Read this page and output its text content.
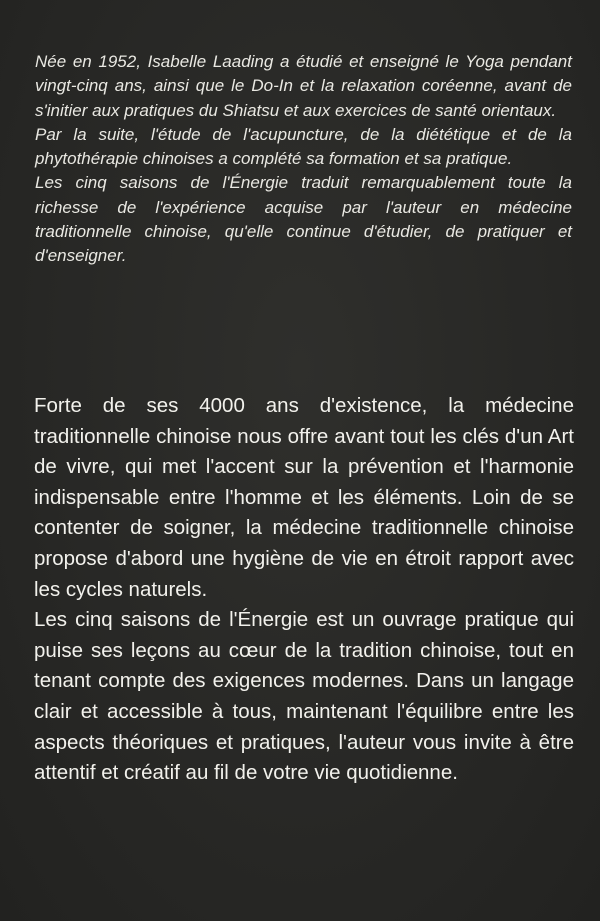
Née en 1952, Isabelle Laading a étudié et enseigné le Yoga pendant vingt-cinq ans, ainsi que le Do-In et la relaxation coréenne, avant de s'initier aux pratiques du Shiatsu et aux exercices de santé orientaux.

Par la suite, l'étude de l'acupuncture, de la diététique et de la phytothérapie chinoises a complété sa formation et sa pratique.

Les cinq saisons de l'Énergie traduit remarquablement toute la richesse de l'expérience acquise par l'auteur en médecine traditionnelle chinoise, qu'elle continue d'étudier, de pratiquer et d'enseigner.

Forte de ses 4000 ans d'existence, la médecine traditionnelle chinoise nous offre avant tout les clés d'un Art de vivre, qui met l'accent sur la prévention et l'harmonie indispensable entre l'homme et les éléments. Loin de se contenter de soigner, la médecine traditionnelle chinoise propose d'abord une hygiène de vie en étroit rapport avec les cycles naturels.

Les cinq saisons de l'Énergie est un ouvrage pratique qui puise ses leçons au cœur de la tradition chinoise, tout en tenant compte des exigences modernes. Dans un langage clair et accessible à tous, maintenant l'équilibre entre les aspects théoriques et pratiques, l'auteur vous invite à être attentif et créatif au fil de votre vie quotidienne.
